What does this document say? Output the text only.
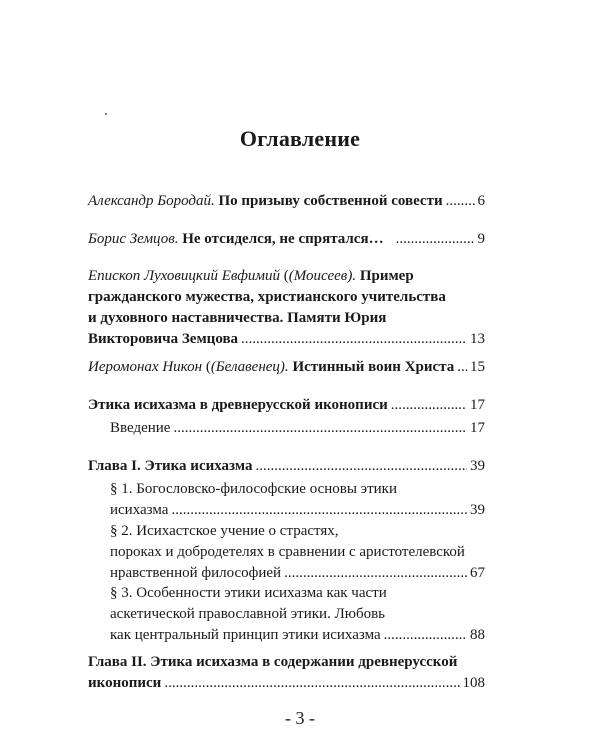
Оглавление
Александр Бородай.
По призыву собственной совести ..... 6
Борис Земцов.
Не отсиделся, не спрятался… .....	9
Епископ Луховицкий Евфимий ((Моисеев). Пример
гражданского мужества, христианского учительства
и духовного наставничества. Памяти Юрия
Викторовича Земцова .....	13
Иеромонах Никон
((Белавенец).
Истинный воин Христа ..... 15
Этика исихазма в древнерусской иконописи .....	17
Введение .....	17
Глава I. Этика исихазма .....	39
§ 1. Богословско-философские основы этики
исихазма .....	39
§ 2. Исихастское учение о страстях,
пороках и добродетелях в сравнении с аристотелевской
нравственной философией .....	67
§ 3. Особенности этики исихазма как части
аскетической православной этики. Любовь
как центральный принцип этики исихазма .....	88
Глава II. Этика исихазма в содержании древнерусской
иконописи .....	108
- 3 -
